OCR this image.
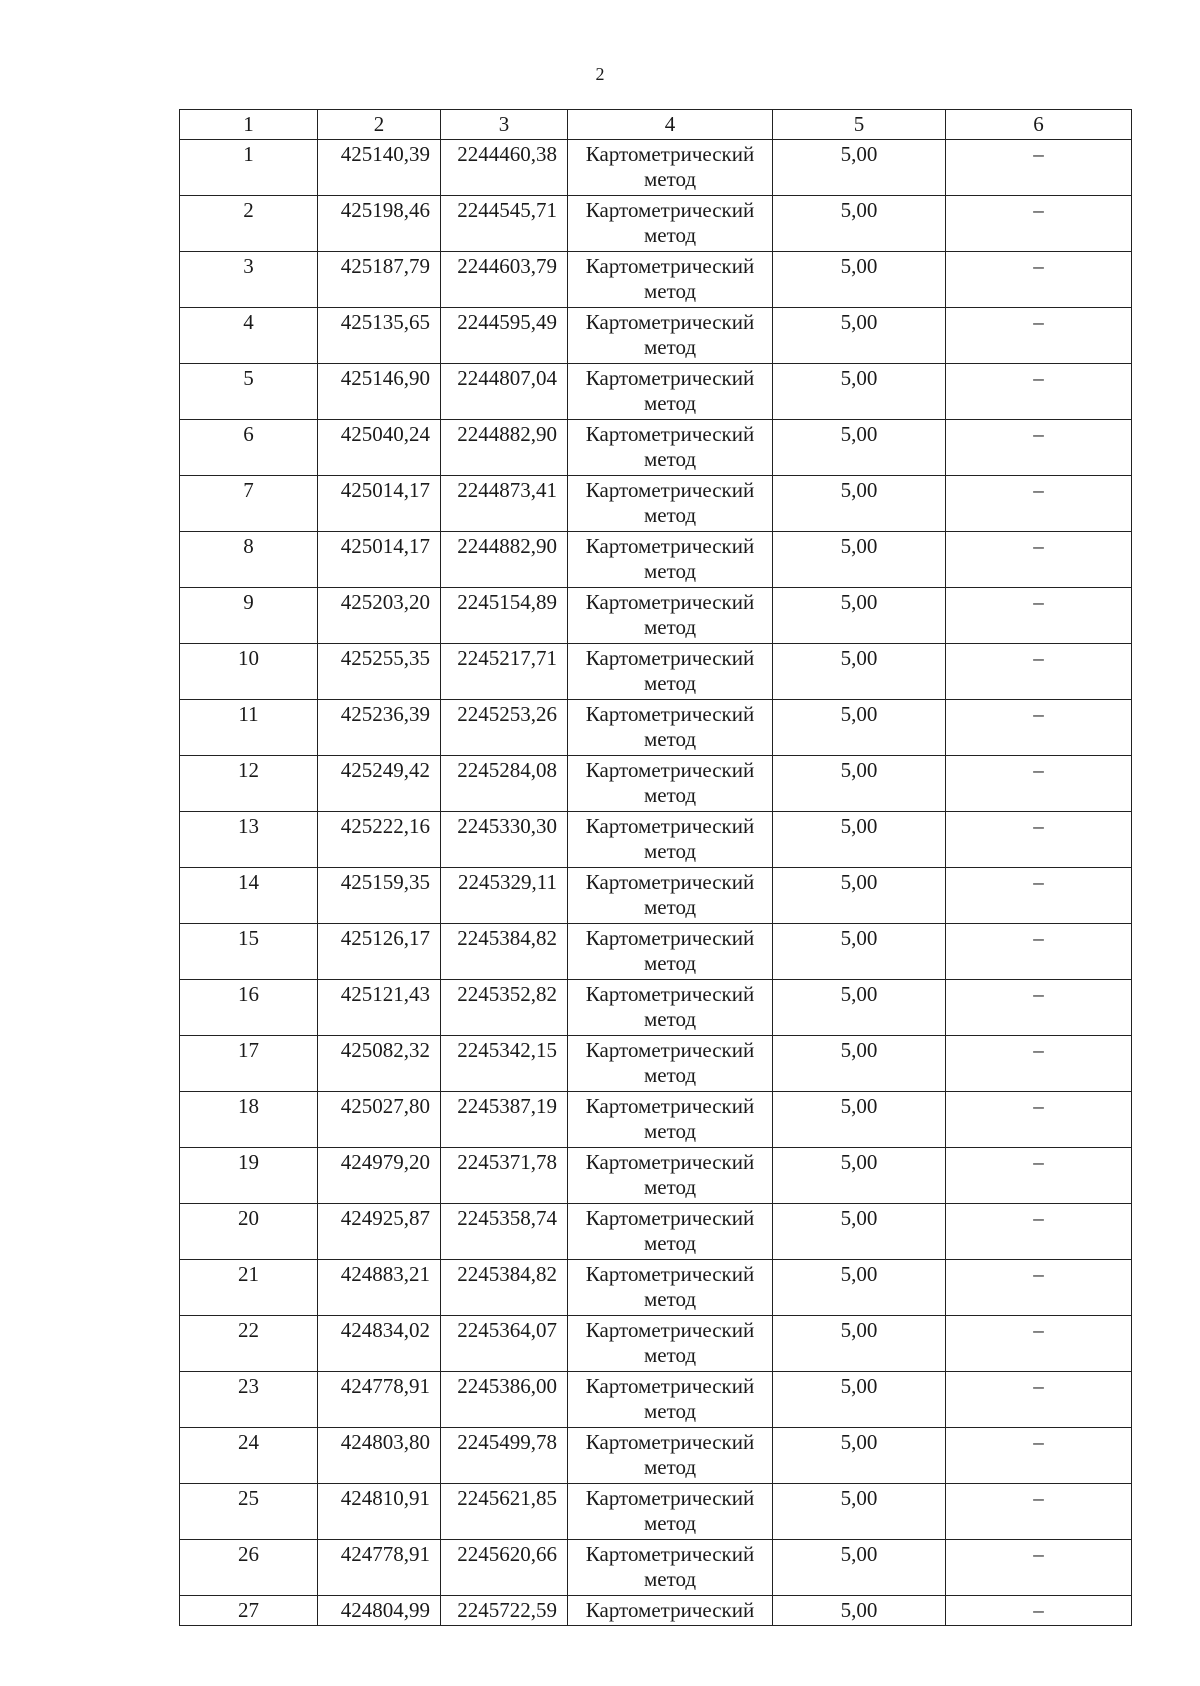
2
1	2	3	4	5	6
1	425140,39	2244460,38	Картометрический метод	5,00	–
2	425198,46	2244545,71	Картометрический метод	5,00	–
3	425187,79	2244603,79	Картометрический метод	5,00	–
4	425135,65	2244595,49	Картометрический метод	5,00	–
5	425146,90	2244807,04	Картометрический метод	5,00	–
6	425040,24	2244882,90	Картометрический метод	5,00	–
7	425014,17	2244873,41	Картометрический метод	5,00	–
8	425014,17	2244882,90	Картометрический метод	5,00	–
9	425203,20	2245154,89	Картометрический метод	5,00	–
10	425255,35	2245217,71	Картометрический метод	5,00	–
11	425236,39	2245253,26	Картометрический метод	5,00	–
12	425249,42	2245284,08	Картометрический метод	5,00	–
13	425222,16	2245330,30	Картометрический метод	5,00	–
14	425159,35	2245329,11	Картометрический метод	5,00	–
15	425126,17	2245384,82	Картометрический метод	5,00	–
16	425121,43	2245352,82	Картометрический метод	5,00	–
17	425082,32	2245342,15	Картометрический метод	5,00	–
18	425027,80	2245387,19	Картометрический метод	5,00	–
19	424979,20	2245371,78	Картометрический метод	5,00	–
20	424925,87	2245358,74	Картометрический метод	5,00	–
21	424883,21	2245384,82	Картометрический метод	5,00	–
22	424834,02	2245364,07	Картометрический метод	5,00	–
23	424778,91	2245386,00	Картометрический метод	5,00	–
24	424803,80	2245499,78	Картометрический метод	5,00	–
25	424810,91	2245621,85	Картометрический метод	5,00	–
26	424778,91	2245620,66	Картометрический метод	5,00	–
27	424804,99	2245722,59	Картометрический	5,00	–
